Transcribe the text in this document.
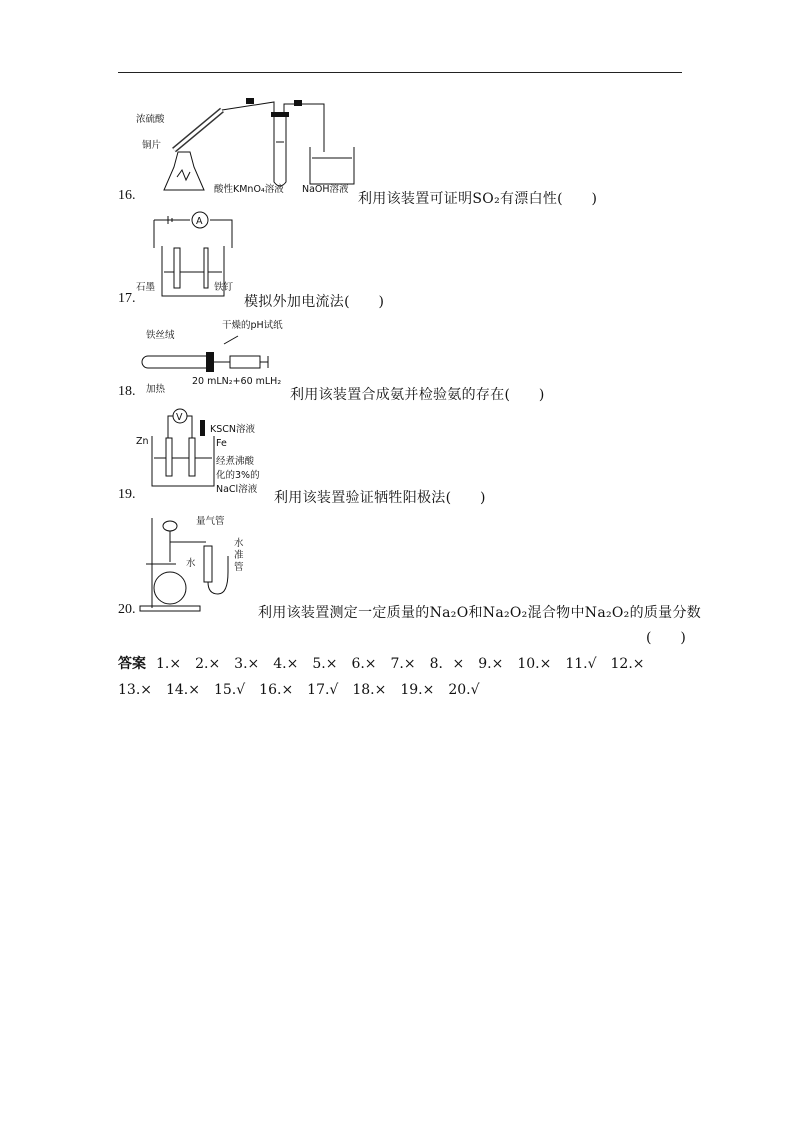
16.
浓硫酸
铜片
酸性KMnO₄溶液 NaOH溶液
利用该装置可证明SO₂有漂白性(　　)
17.
A
石墨	铁钉
模拟外加电流法(　　)
18.
铁丝绒
干燥的pH试纸
加热
20 mLN₂+60 mLH₂
利用该装置合成氨并检验氨的存在(　　)
19.
V
KSCN溶液
Zn	Fe
经煮沸酸
化的3%的
NaCl溶液
利用该装置验证牺牲阳极法(　　)
20.
量气管
水
水
准
管
利用该装置测定一定质量的Na₂O和Na₂O₂混合物中Na₂O₂的质量分数
(　　)
答案 1.×　2.×　3.×　4.×　5.×　6.×　7.×　8．×　9.×　10.×　11.√　12.×
13.×　14.×　15.√　16.×　17.√　18.×　19.×　20.√
